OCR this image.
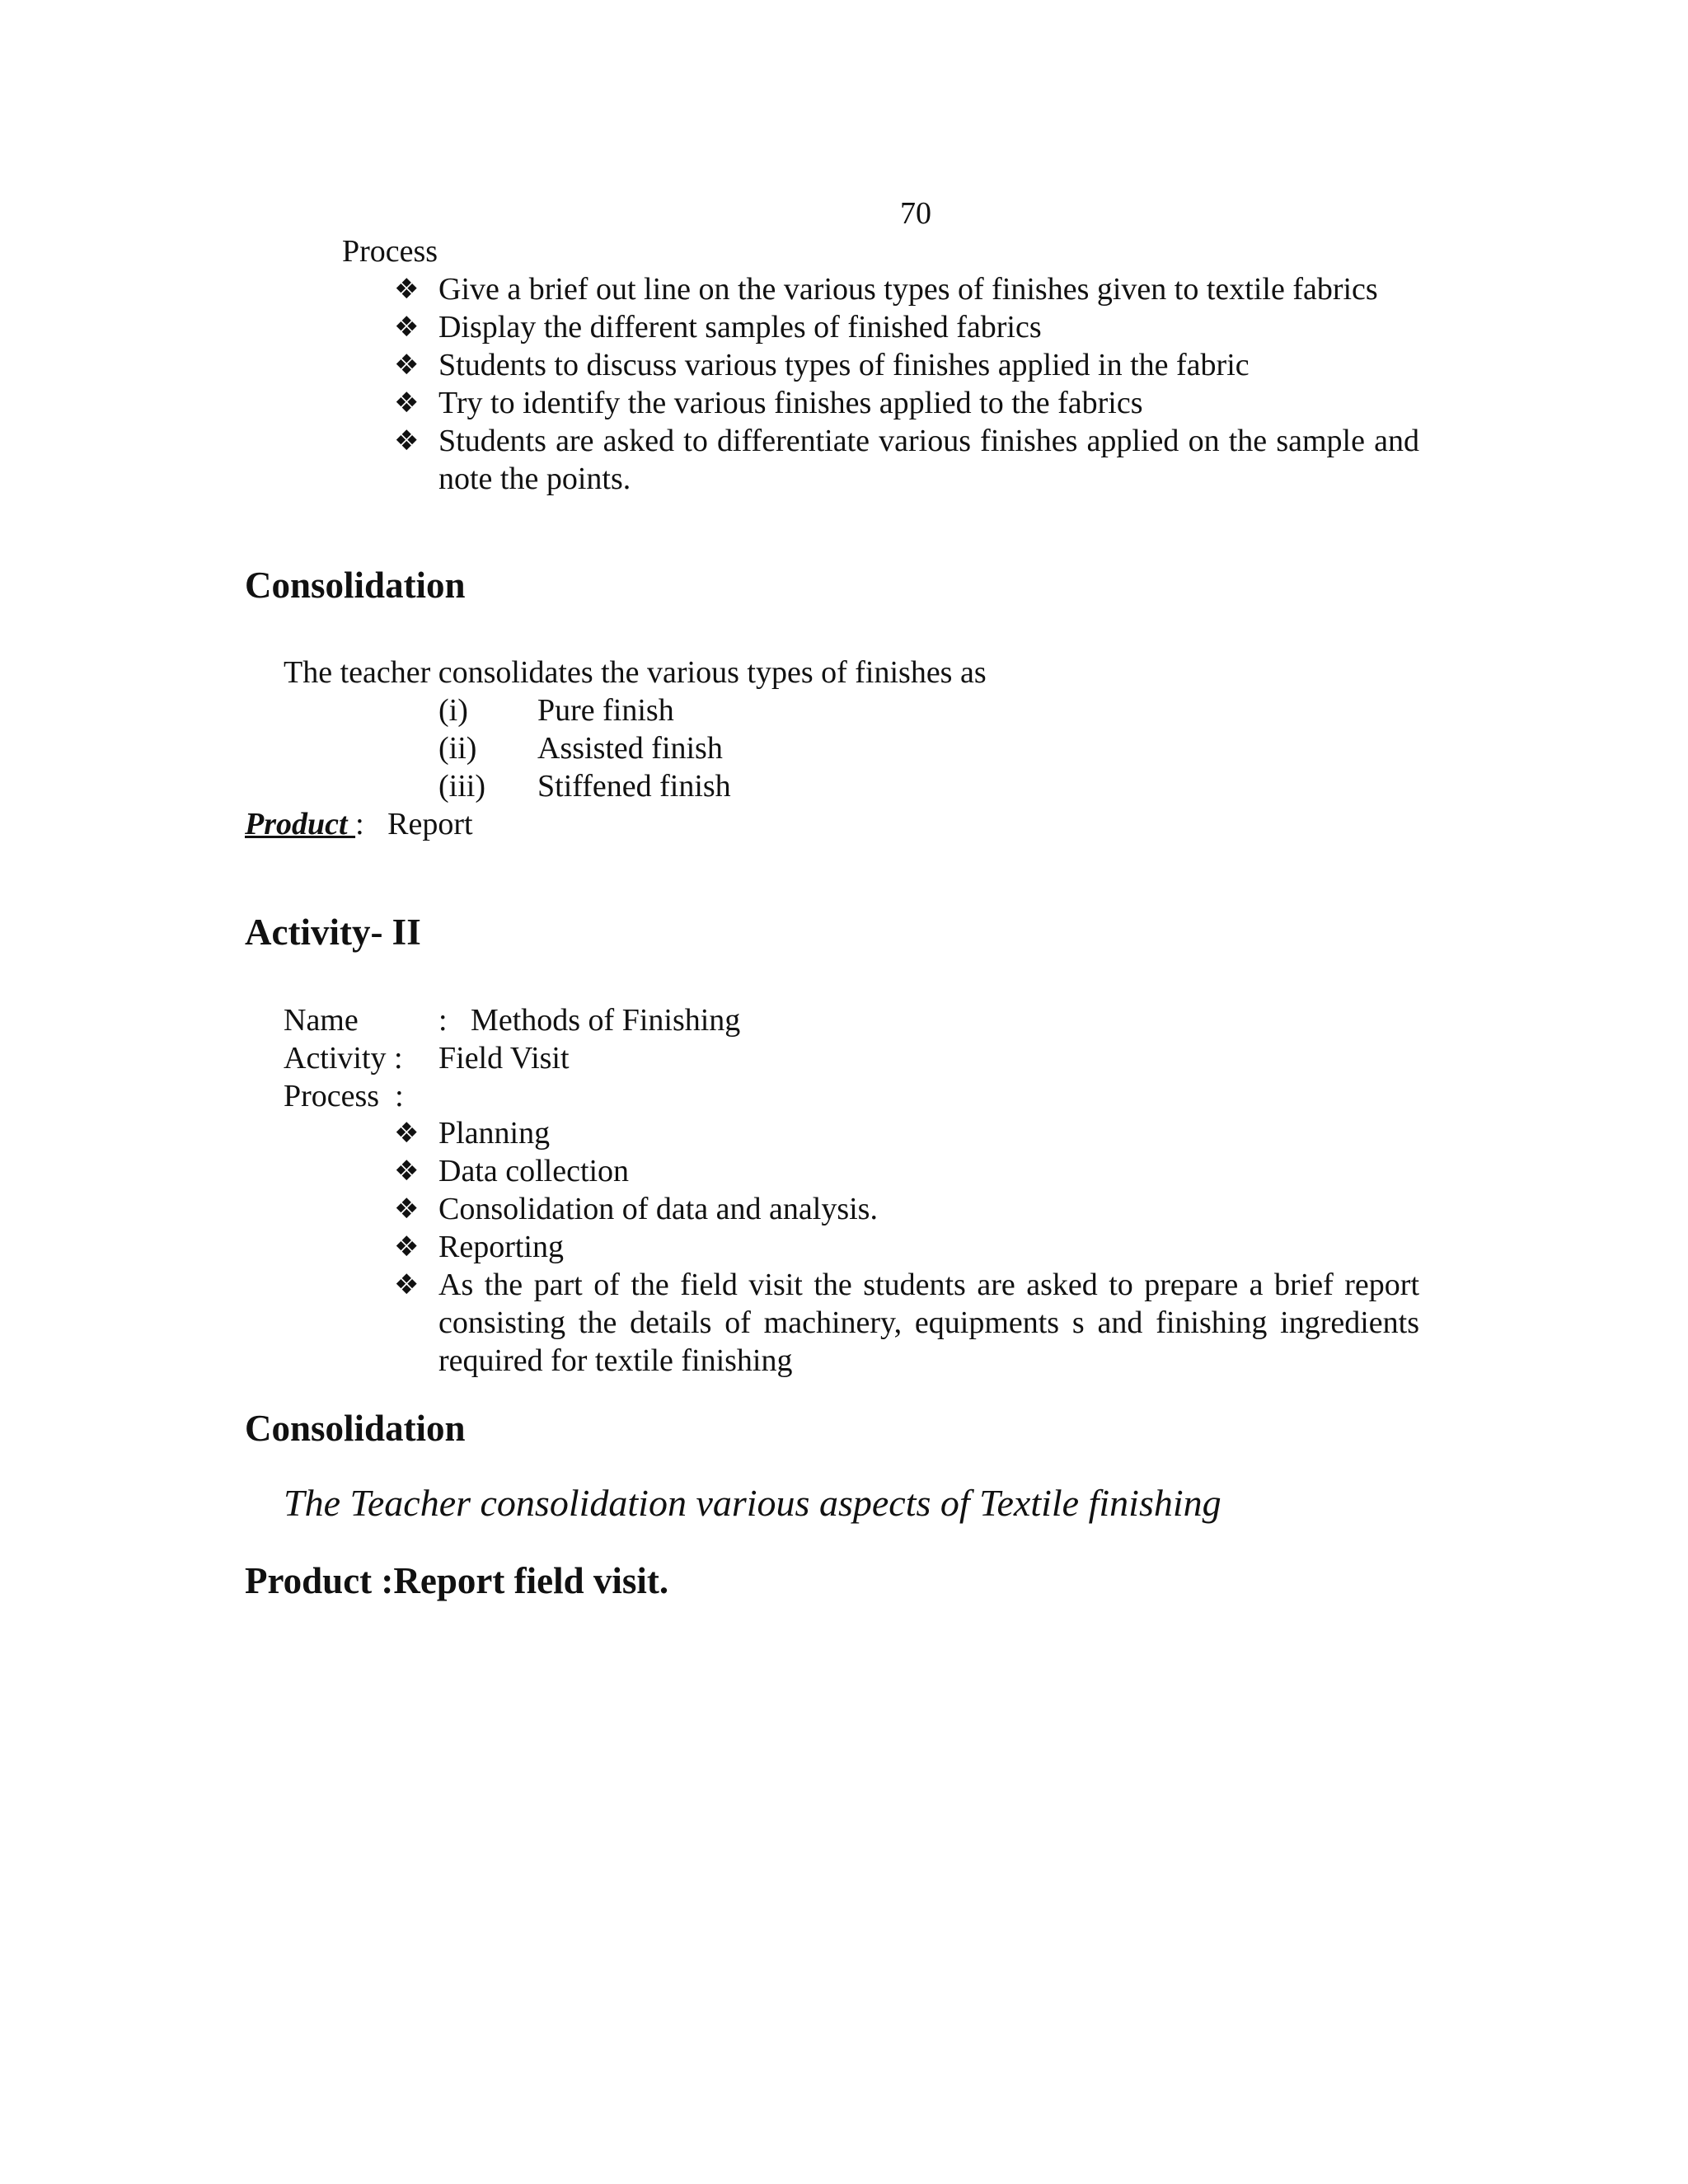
70
Process
❖ Give a brief out line on the various types of finishes given to textile fabrics
❖ Display the different samples of finished fabrics
❖ Students to discuss various types of finishes applied in the fabric
❖ Try to identify the various finishes applied to the fabrics
❖ Students are asked to differentiate various finishes applied on the sample and note the points.
Consolidation
The teacher consolidates the various types of finishes as
(i) Pure finish
(ii) Assisted finish
(iii) Stiffened finish
Product :   Report
Activity- II
Name	:   Methods of Finishing
Activity : Field Visit
Process  :
❖ Planning
❖ Data collection
❖ Consolidation of data and analysis.
❖ Reporting
❖ As the part of the field visit the students are asked to prepare a brief report consisting the details of machinery, equipments s and finishing ingredients required for textile finishing
Consolidation
The Teacher consolidation various aspects of Textile finishing
Product :Report field visit.
